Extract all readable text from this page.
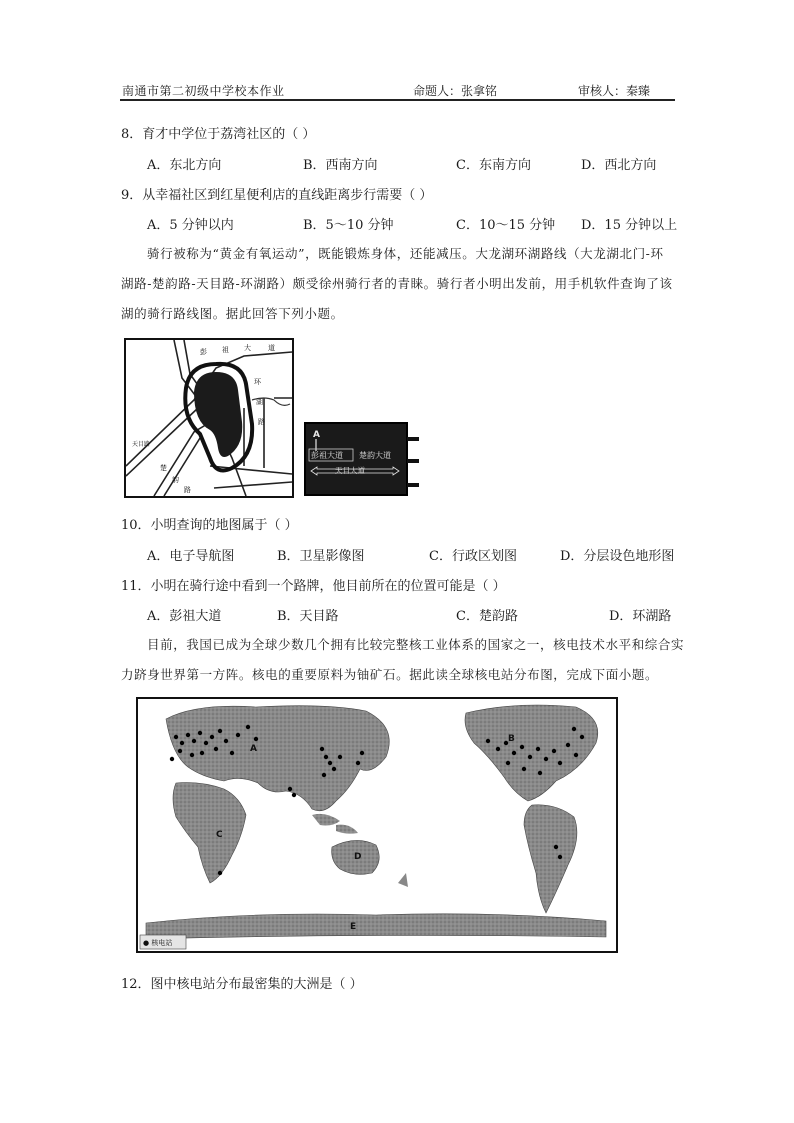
南通市第二初级中学校本作业	命题人：张拿铭	审核人：秦臻
8．育才中学位于荔湾社区的（ ）
A．东北方向	B．西南方向	C．东南方向	D．西北方向
9．从幸福社区到红星便利店的直线距离步行需要（ ）
A．5 分钟以内	B．5～10 分钟	C．10～15 分钟 D．15 分钟以上
骑行被称为“黄金有氧运动”，既能锻炼身体，还能减压。大龙湖环湖路线（大龙湖北门-环
湖路-楚韵路-天目路-环湖路）颇受徐州骑行者的青睐。骑行者小明出发前，用手机软件查询了该
湖的骑行路线图。据此回答下列小题。
彭 祖 大 道
环
湖
路
天目路
楚
韵
路
A
彭祖大道 楚韵大道
天目大道
10．小明查询的地图属于（ ）
A．电子导航图	B．卫星影像图	C．行政区划图	D．分层设色地形图
11．小明在骑行途中看到一个路牌，他目前所在的位置可能是（ ）
A．彭祖大道	B．天目路	C．楚韵路	D．环湖路
目前，我国已成为全球少数几个拥有比较完整核工业体系的国家之一，核电技术水平和综合实
力跻身世界第一方阵。核电的重要原料为铀矿石。据此读全球核电站分布图，完成下面小题。
A
B
C
D
E
● 核电站
12．图中核电站分布最密集的大洲是（ ）
